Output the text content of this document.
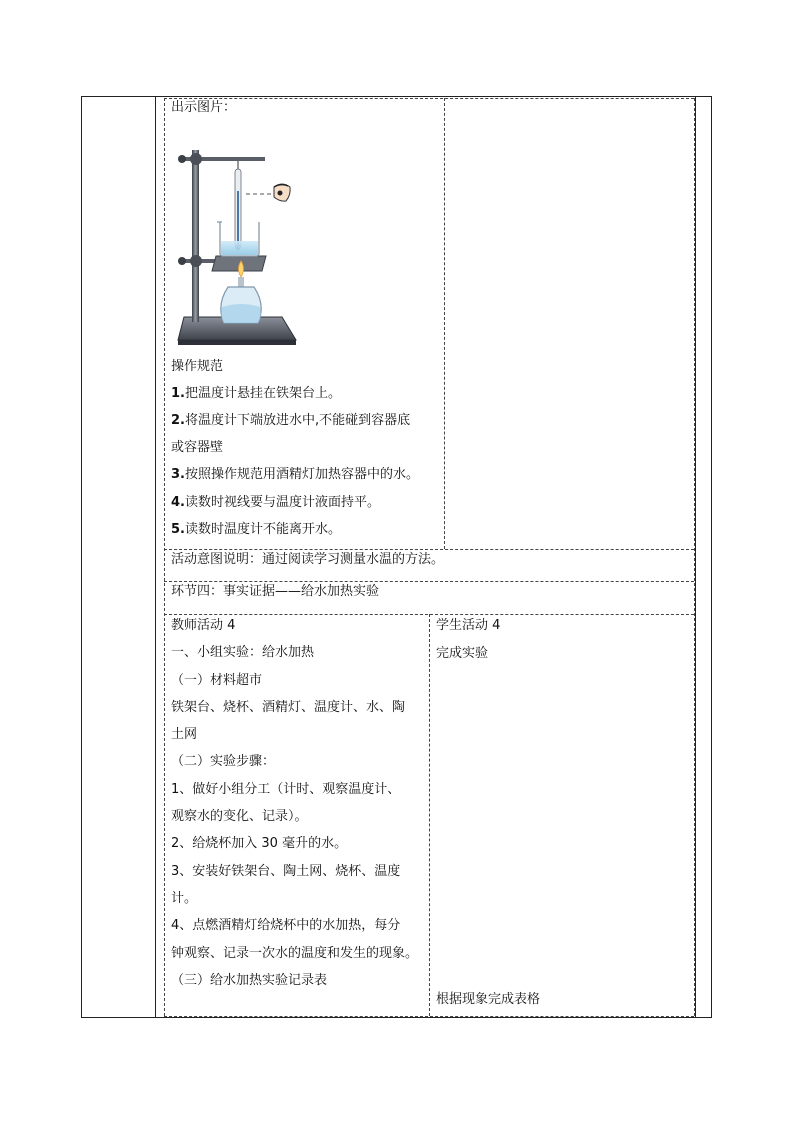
出示图片：
操作规范
1.把温度计悬挂在铁架台上。
2.将温度计下端放进水中,不能碰到容器底
或容器壁
3.按照操作规范用酒精灯加热容器中的水。
4.读数时视线要与温度计液面持平。
5.读数时温度计不能离开水。
活动意图说明：通过阅读学习测量水温的方法。
环节四：事实证据——给水加热实验
教师活动 4
一、小组实验：给水加热
（一）材料超市
铁架台、烧杯、酒精灯、温度计、水、陶
土网
（二）实验步骤：
1、做好小组分工（计时、观察温度计、
观察水的变化、记录）。
2、给烧杯加入 30 毫升的水。
3、安装好铁架台、陶土网、烧杯、温度
计。
4、点燃酒精灯给烧杯中的水加热，每分
钟观察、记录一次水的温度和发生的现象。
（三）给水加热实验记录表
学生活动 4
完成实验
根据现象完成表格
